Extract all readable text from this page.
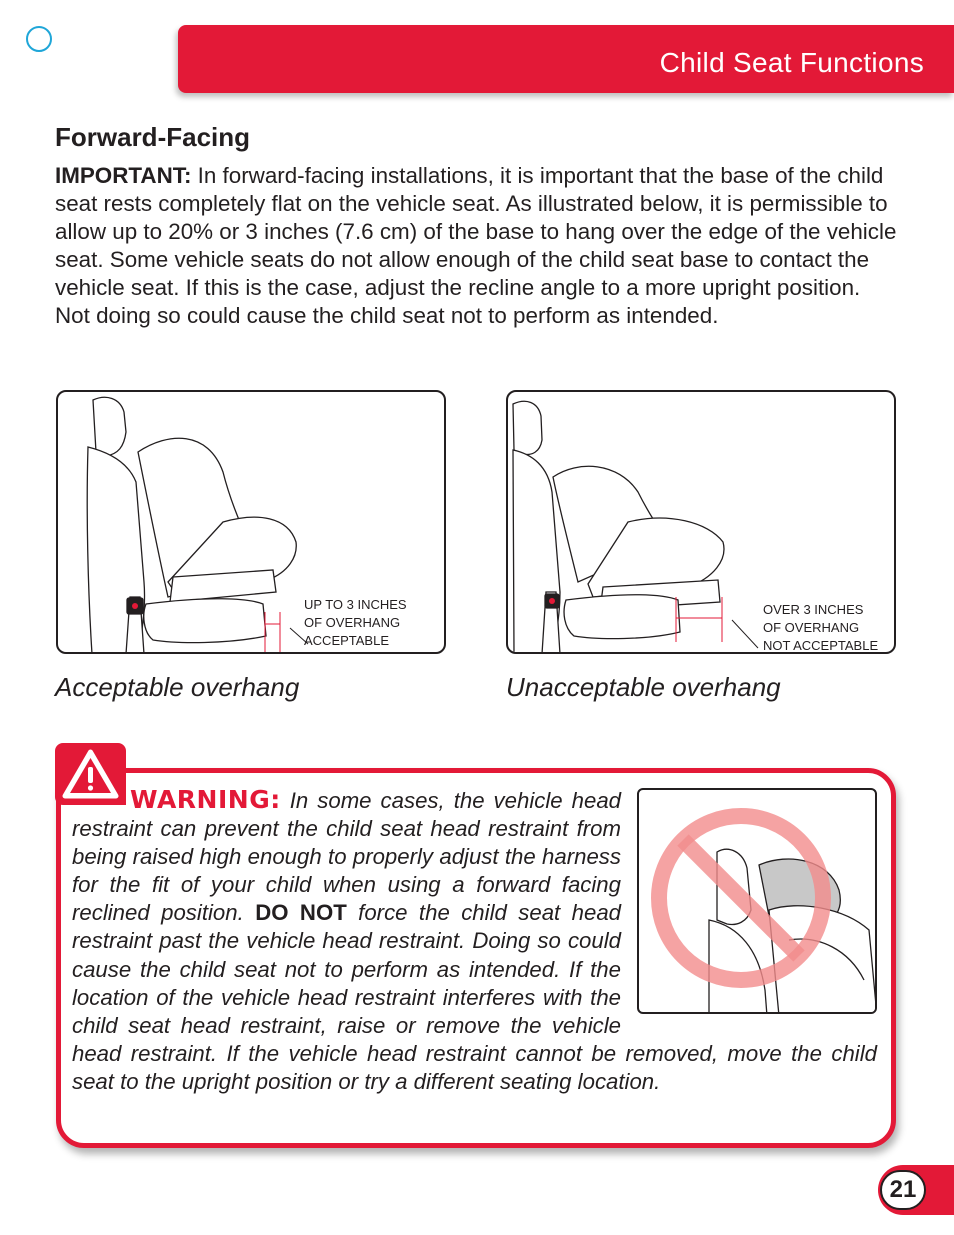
Child Seat Functions
Forward-Facing

IMPORTANT: In forward-facing installations, it is important that the base of the child seat rests completely flat on the vehicle seat. As illustrated below, it is permissible to allow up to 20% or 3 inches (7.6 cm) of the base to hang over the edge of the vehicle seat. Some vehicle seats do not allow enough of the child seat base to contact the vehicle seat. If this is the case, adjust the recline angle to a more upright position. Not doing so could cause the child seat not to perform as intended.

UP TO 3 INCHES
OF OVERHANG
ACCEPTABLE
OVER 3 INCHES
OF OVERHANG
NOT ACCEPTABLE
Acceptable overhang	Unacceptable overhang
WARNING: In some cases, the vehicle head restraint can prevent the child seat head restraint from being raised high enough to properly adjust the harness for the fit of your child when using a forward facing reclined position. DO NOT force the child seat head restraint past the vehicle head restraint. Doing so could cause the child seat not to perform as intended. If the location of the vehicle head restraint interferes with the child seat head restraint, raise or remove the vehicle head restraint. If the vehicle head restraint cannot be removed, move the child seat to the upright position or try a different seating location.
21
